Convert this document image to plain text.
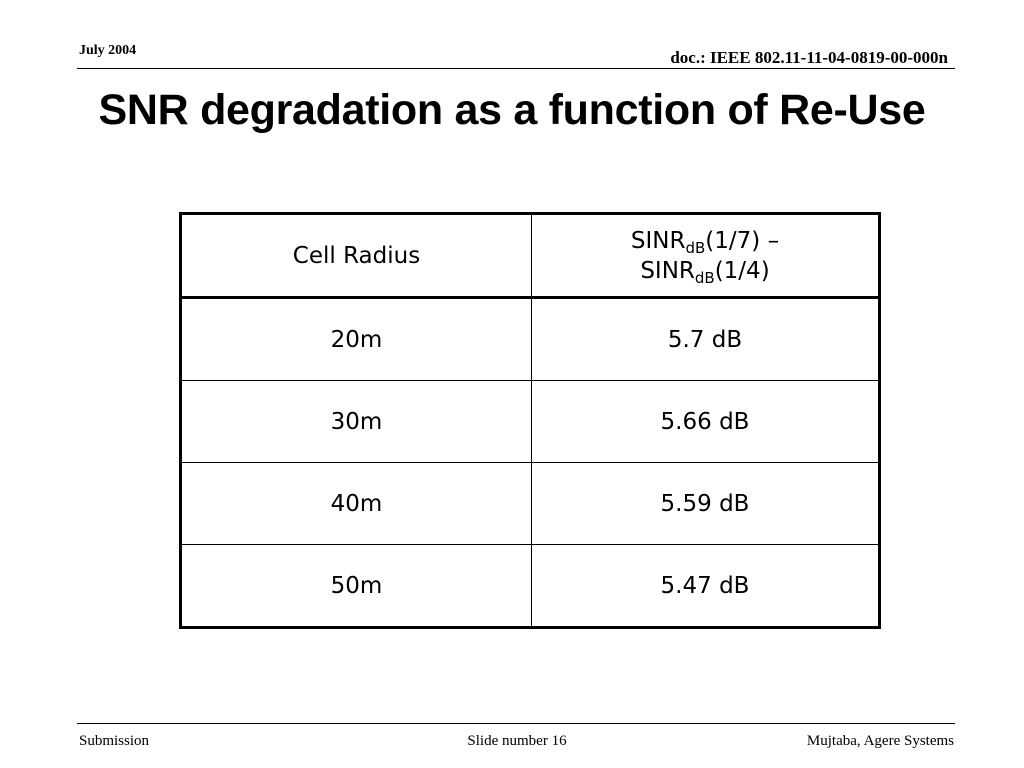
July 2004	doc.: IEEE 802.11-11-04-0819-00-000n
SNR degradation as a function of Re-Use
Cell Radius	$SINR_{dB}(1/7)$ –
$SINR_{dB}(1/4)$
20m	5.7 dB
30m	5.66 dB
40m	5.59 dB
50m	5.47 dB
Submission	Slide number 16	Mujtaba, Agere Systems
